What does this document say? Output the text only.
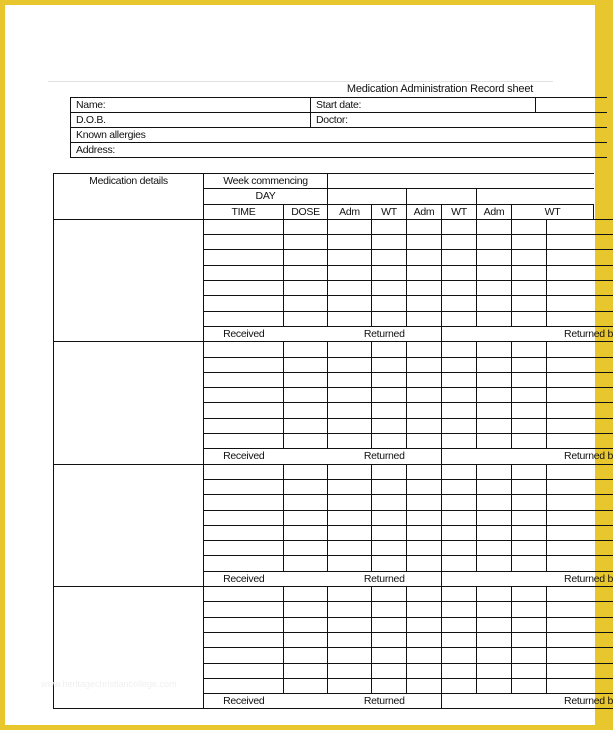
Medication Administration Record sheet
Name:	Start date:	
D.O.B.	Doctor:	
Known allergies		
Address:		
Medication details	Week commencing								
	DAY								
	TIME	DOSE	Adm	WT	Adm	WT	Adm	WT	

	Received		Returned					Returned b	

	Received		Returned					Returned b	

	Received		Returned					Returned b	

	Received		Returned					Returned b	
www.heritagechristiancollege.com
